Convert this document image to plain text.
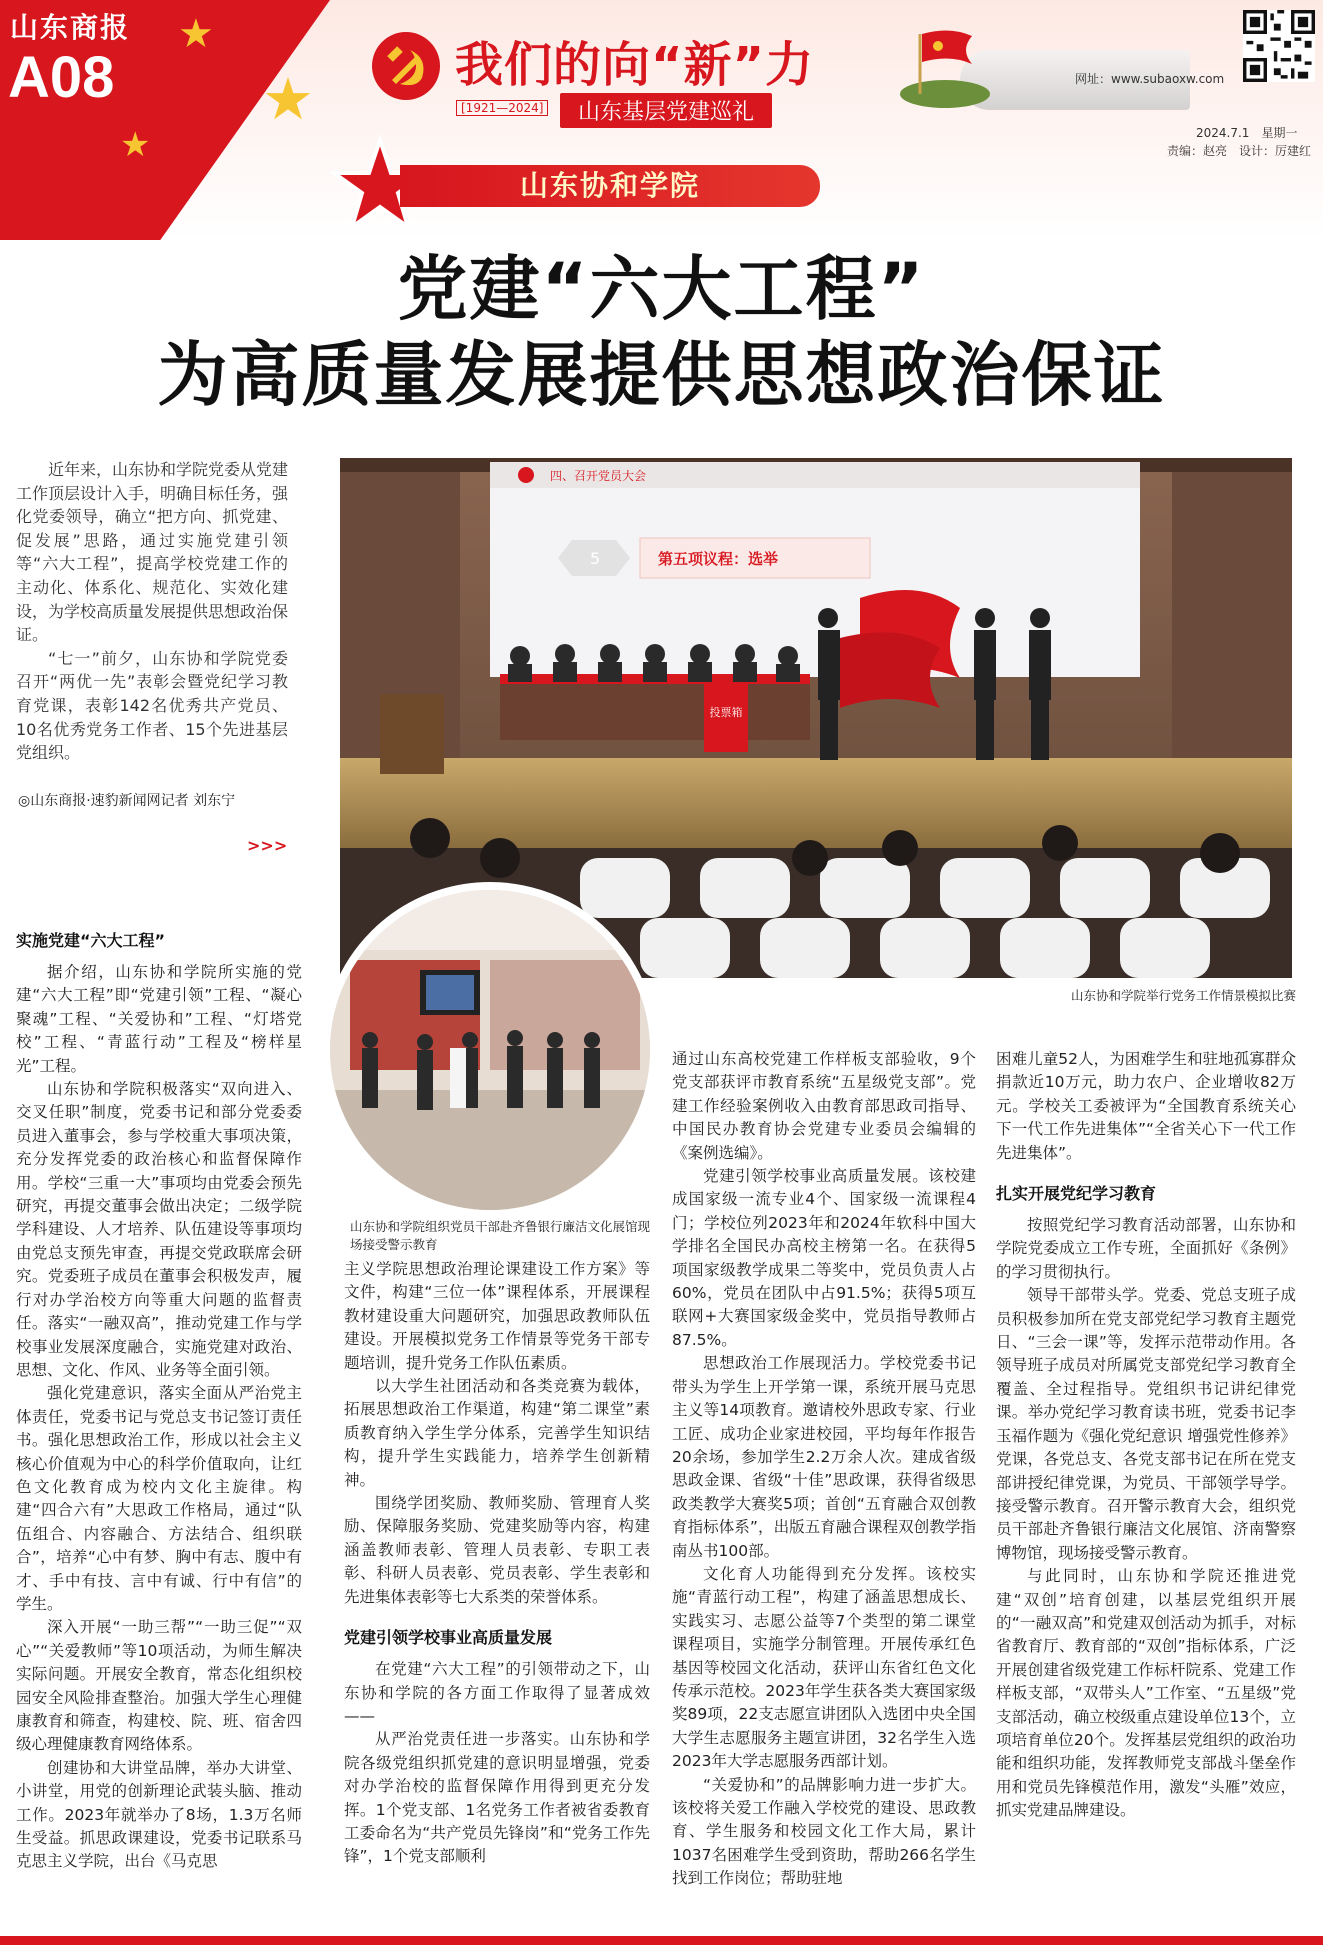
山东商报
A08	★
★
★
我们的向“新”力
[1921—2024]	山东基层党建巡礼
网址：www.subaoxw.com
2024.7.1　星期一
责编：赵亮　设计：厉建红
山东协和学院
党建“六大工程”
为高质量发展提供思想政治保证

近年来，山东协和学院党委从党建工作顶层设计入手，明确目标任务，强化党委领导，确立“把方向、抓党建、促发展”思路，通过实施党建引领等“六大工程”，提高学校党建工作的主动化、体系化、规范化、实效化建设，为学校高质量发展提供思想政治保证。

“七一”前夕，山东协和学院党委召开“两优一先”表彰会暨党纪学习教育党课，表彰142名优秀共产党员、10名优秀党务工作者、15个先进基层党组织。

◎山东商报·速豹新闻网记者 刘东宁
>>>
四、召开党员大会
第五项议程：选举
5
投票箱
山东协和学院举行党务工作情景模拟比赛
山东协和学院组织党员干部赴齐鲁银行廉洁文化展馆现场接受警示教育
实施党建“六大工程”

据介绍，山东协和学院所实施的党建“六大工程”即“党建引领”工程、“凝心聚魂”工程、“关爱协和”工程、“灯塔党校”工程、“青蓝行动”工程及“榜样星光”工程。

山东协和学院积极落实“双向进入、交叉任职”制度，党委书记和部分党委委员进入董事会，参与学校重大事项决策，充分发挥党委的政治核心和监督保障作用。学校“三重一大”事项均由党委会预先研究，再提交董事会做出决定；二级学院学科建设、人才培养、队伍建设等事项均由党总支预先审查，再提交党政联席会研究。党委班子成员在董事会积极发声，履行对办学治校方向等重大问题的监督责任。落实“一融双高”，推动党建工作与学校事业发展深度融合，实施党建对政治、思想、文化、作风、业务等全面引领。

强化党建意识，落实全面从严治党主体责任，党委书记与党总支书记签订责任书。强化思想政治工作，形成以社会主义核心价值观为中心的科学价值取向，让红色文化教育成为校内文化主旋律。构建“四合六有”大思政工作格局，通过“队伍组合、内容融合、方法结合、组织联合”，培养“心中有梦、胸中有志、腹中有才、手中有技、言中有诚、行中有信”的学生。

深入开展“一助三帮”“一助三促”“双心”“关爱教师”等10项活动，为师生解决实际问题。开展安全教育，常态化组织校园安全风险排查整治。加强大学生心理健康教育和筛查，构建校、院、班、宿舍四级心理健康教育网络体系。

创建协和大讲堂品牌，举办大讲堂、小讲堂，用党的创新理论武装头脑、推动工作。2023年就举办了8场，1.3万名师生受益。抓思政课建设，党委书记联系马克思主义学院，出台《马克思

主义学院思想政治理论课建设工作方案》等文件，构建“三位一体”课程体系，开展课程教材建设重大问题研究，加强思政教师队伍建设。开展模拟党务工作情景等党务干部专题培训，提升党务工作队伍素质。

以大学生社团活动和各类竞赛为载体，拓展思想政治工作渠道，构建“第二课堂”素质教育纳入学生学分体系，完善学生知识结构，提升学生实践能力，培养学生创新精神。

围绕学团奖励、教师奖励、管理育人奖励、保障服务奖励、党建奖励等内容，构建涵盖教师表彰、管理人员表彰、专职工表彰、科研人员表彰、党员表彰、学生表彰和先进集体表彰等七大系类的荣誉体系。

党建引领学校事业高质量发展

在党建“六大工程”的引领带动之下，山东协和学院的各方面工作取得了显著成效——

从严治党责任进一步落实。山东协和学院各级党组织抓党建的意识明显增强，党委对办学治校的监督保障作用得到更充分发挥。1个党支部、1名党务工作者被省委教育工委命名为“共产党员先锋岗”和“党务工作先锋”，1个党支部顺利

通过山东高校党建工作样板支部验收，9个党支部获评市教育系统“五星级党支部”。党建工作经验案例收入由教育部思政司指导、中国民办教育协会党建专业委员会编辑的《案例选编》。

党建引领学校事业高质量发展。该校建成国家级一流专业4个、国家级一流课程4门；学校位列2023年和2024年软科中国大学排名全国民办高校主榜第一名。在获得5项国家级教学成果二等奖中，党员负责人占60%，党员在团队中占91.5%；获得5项互联网+大赛国家级金奖中，党员指导教师占87.5%。

思想政治工作展现活力。学校党委书记带头为学生上开学第一课，系统开展马克思主义等14项教育。邀请校外思政专家、行业工匠、成功企业家进校园，平均每年作报告20余场，参加学生2.2万余人次。建成省级思政金课、省级“十佳”思政课，获得省级思政类教学大赛奖5项；首创“五育融合双创教育指标体系”，出版五育融合课程双创教学指南丛书100部。

文化育人功能得到充分发挥。该校实施“青蓝行动工程”，构建了涵盖思想成长、实践实习、志愿公益等7个类型的第二课堂课程项目，实施学分制管理。开展传承红色基因等校园文化活动，获评山东省红色文化传承示范校。2023年学生获各类大赛国家级奖89项，22支志愿宣讲团队入选团中央全国大学生志愿服务主题宣讲团，32名学生入选2023年大学志愿服务西部计划。

“关爱协和”的品牌影响力进一步扩大。该校将关爱工作融入学校党的建设、思政教育、学生服务和校园文化工作大局，累计1037名困难学生受到资助，帮助266名学生找到工作岗位；帮助驻地

困难儿童52人，为困难学生和驻地孤寡群众捐款近10万元，助力农户、企业增收82万元。学校关工委被评为“全国教育系统关心下一代工作先进集体”“全省关心下一代工作先进集体”。

扎实开展党纪学习教育

按照党纪学习教育活动部署，山东协和学院党委成立工作专班，全面抓好《条例》的学习贯彻执行。

领导干部带头学。党委、党总支班子成员积极参加所在党支部党纪学习教育主题党日、“三会一课”等，发挥示范带动作用。各领导班子成员对所属党支部党纪学习教育全覆盖、全过程指导。党组织书记讲纪律党课。举办党纪学习教育读书班，党委书记李玉福作题为《强化党纪意识 增强党性修养》党课，各党总支、各党支部书记在所在党支部讲授纪律党课，为党员、干部领学导学。接受警示教育。召开警示教育大会，组织党员干部赴齐鲁银行廉洁文化展馆、济南警察博物馆，现场接受警示教育。

与此同时，山东协和学院还推进党建“双创”培育创建，以基层党组织开展的“一融双高”和党建双创活动为抓手，对标省教育厅、教育部的“双创”指标体系，广泛开展创建省级党建工作标杆院系、党建工作样板支部，“双带头人”工作室、“五星级”党支部活动，确立校级重点建设单位13个，立项培育单位20个。发挥基层党组织的政治功能和组织功能，发挥教师党支部战斗堡垒作用和党员先锋模范作用，激发“头雁”效应，抓实党建品牌建设。
